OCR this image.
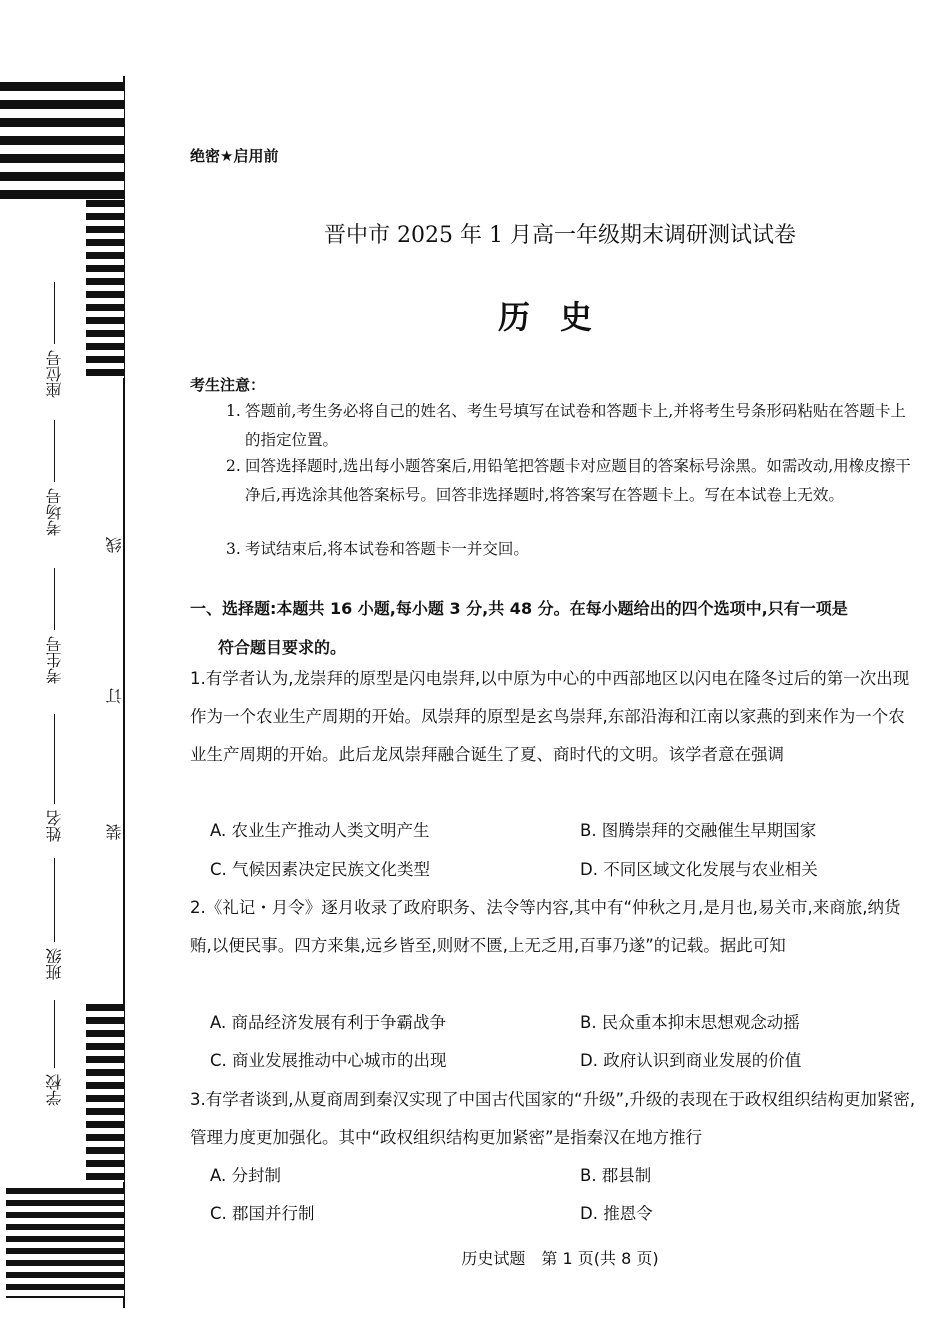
座位号
考场号
考生号
姓名
班级
学校
线
订
装
绝密★启用前
晋中市 2025 年 1 月高一年级期末调研测试试卷
历史
考生注意：
1. 答题前,考生务必将自己的姓名、考生号填写在试卷和答题卡上,并将考生号条形码粘贴在答题卡上的指定位置。
2. 回答选择题时,选出每小题答案后,用铅笔把答题卡对应题目的答案标号涂黑。如需改动,用橡皮擦干净后,再选涂其他答案标号。回答非选择题时,将答案写在答题卡上。写在本试卷上无效。
3. 考试结束后,将本试卷和答题卡一并交回。
一、选择题:本题共 16 小题,每小题 3 分,共 48 分。在每小题给出的四个选项中,只有一项是
符合题目要求的。
1.有学者认为,龙崇拜的原型是闪电崇拜,以中原为中心的中西部地区以闪电在隆冬过后的第一次出现作为一个农业生产周期的开始。凤崇拜的原型是玄鸟崇拜,东部沿海和江南以家燕的到来作为一个农业生产周期的开始。此后龙凤崇拜融合诞生了夏、商时代的文明。该学者意在强调
A. 农业生产推动人类文明产生	B. 图腾崇拜的交融催生早期国家
C. 气候因素决定民族文化类型	D. 不同区域文化发展与农业相关
2.《礼记・月令》逐月收录了政府职务、法令等内容,其中有“仲秋之月,是月也,易关市,来商旅,纳货贿,以便民事。四方来集,远乡皆至,则财不匮,上无乏用,百事乃遂”的记载。据此可知
A. 商品经济发展有利于争霸战争	B. 民众重本抑末思想观念动摇
C. 商业发展推动中心城市的出现	D. 政府认识到商业发展的价值
3.有学者谈到,从夏商周到秦汉实现了中国古代国家的“升级”,升级的表现在于政权组织结构更加紧密,管理力度更加强化。其中“政权组织结构更加紧密”是指秦汉在地方推行
A. 分封制	B. 郡县制
C. 郡国并行制	D. 推恩令
历史试题　第 1 页(共 8 页)
